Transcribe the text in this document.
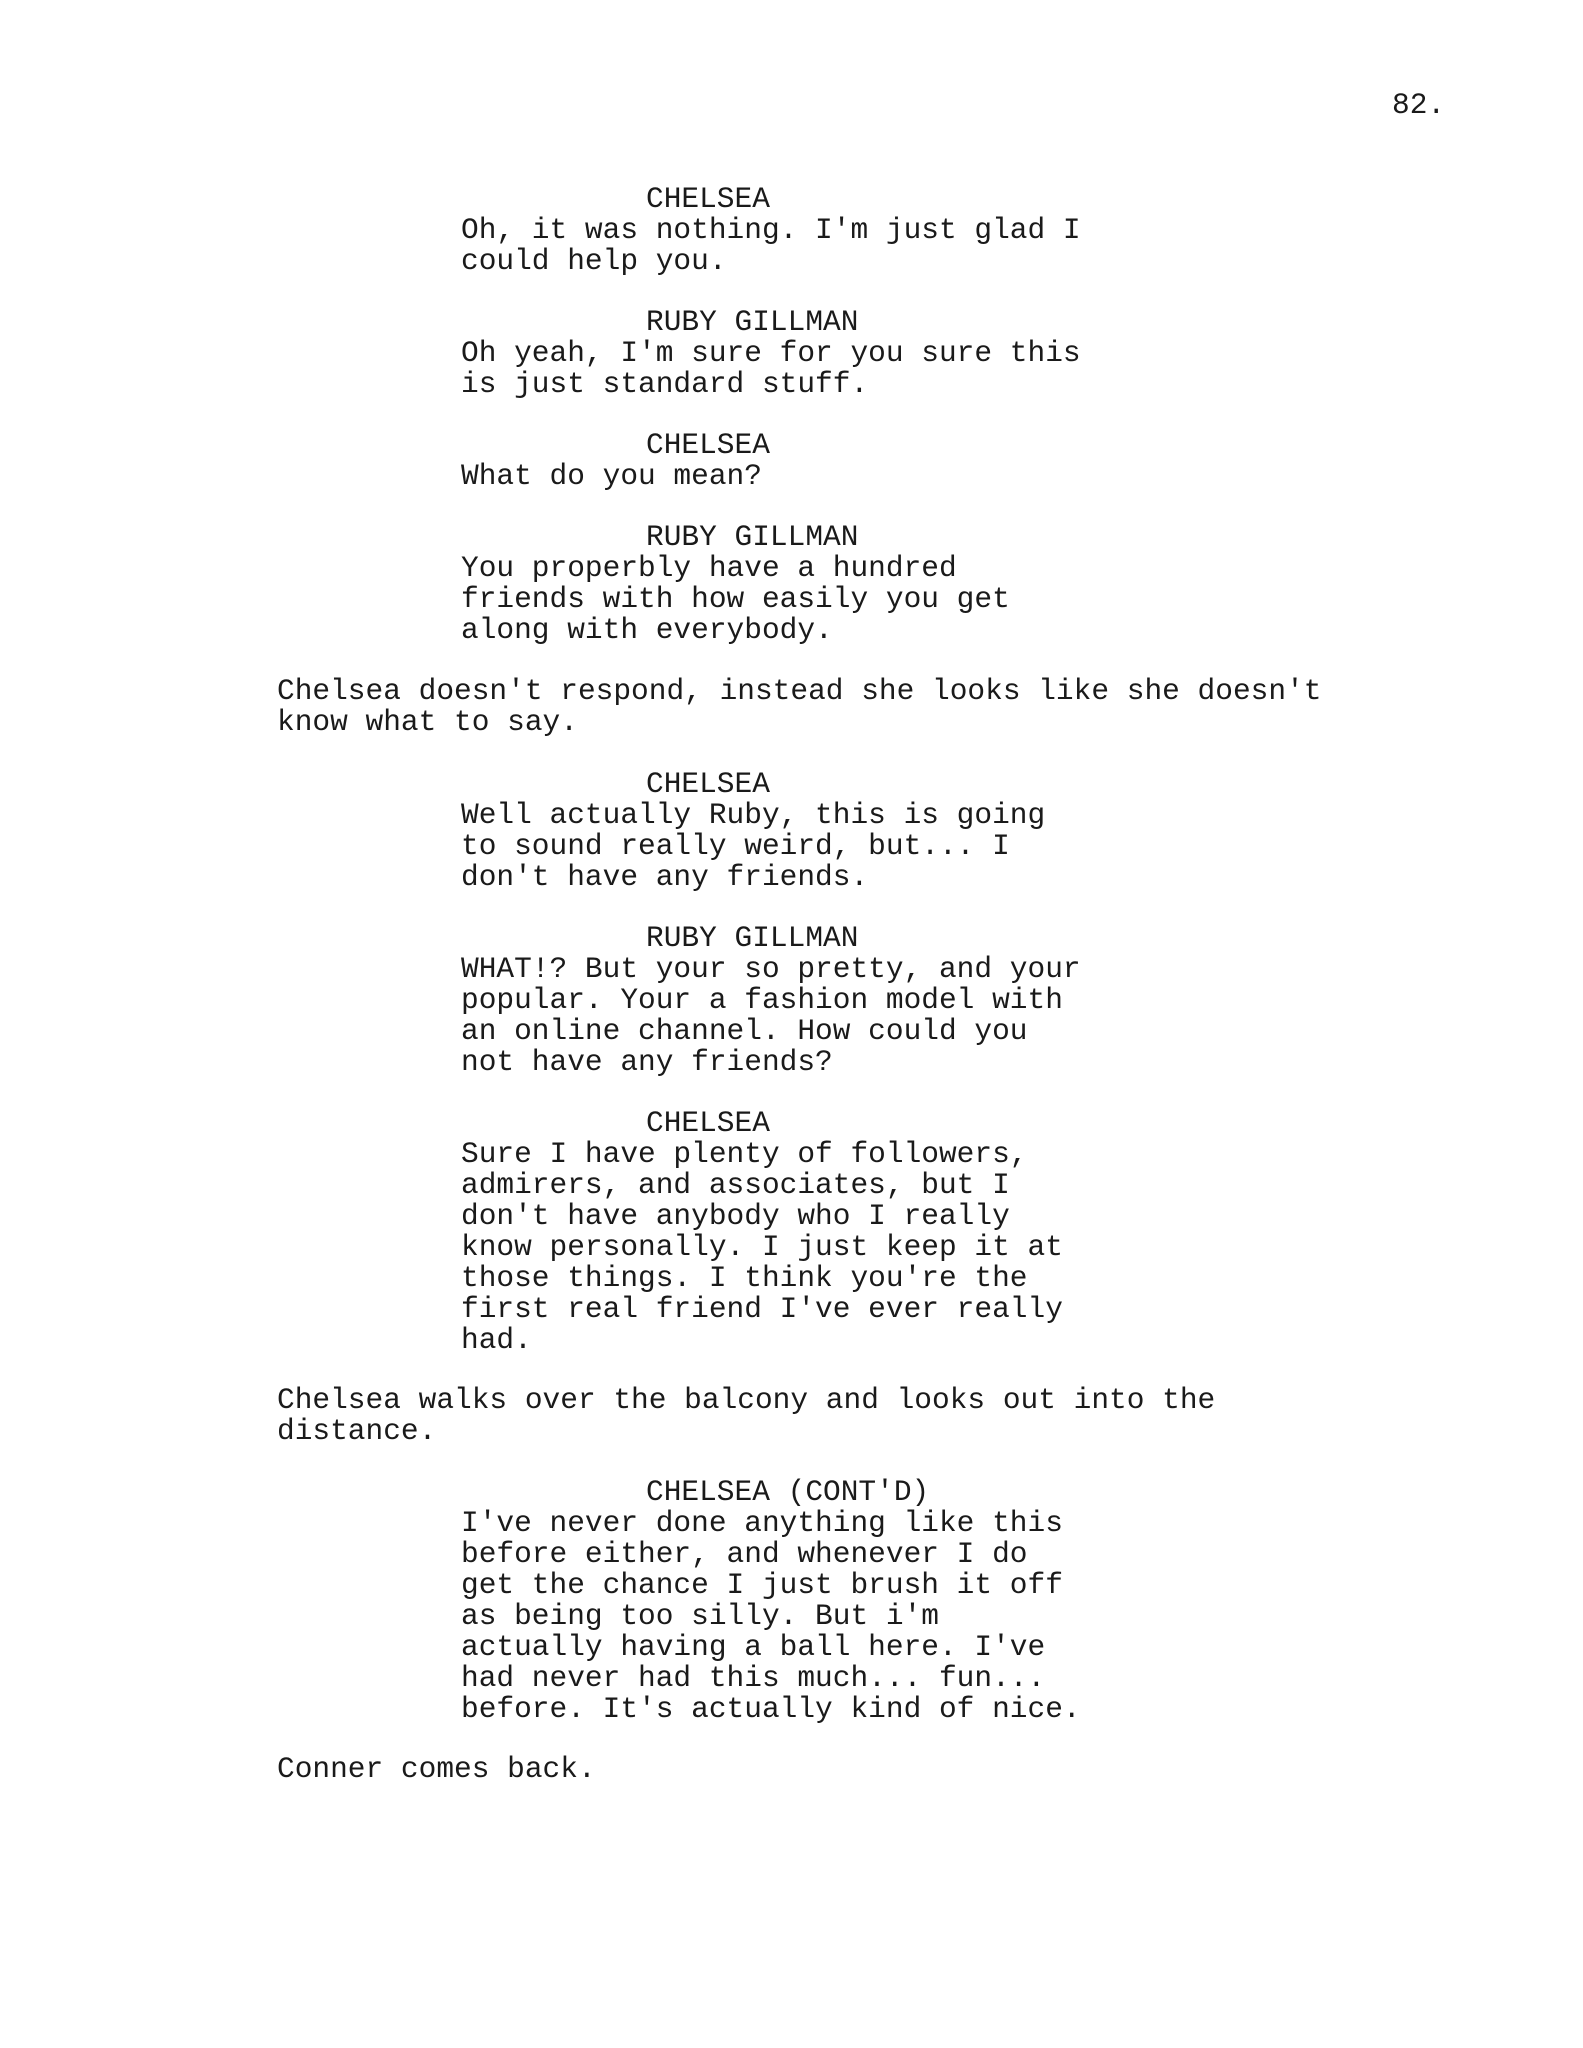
82.
CHELSEA
Oh, it was nothing. I'm just glad I
could help you.
RUBY GILLMAN
Oh yeah, I'm sure for you sure this
is just standard stuff.
CHELSEA
What do you mean?
RUBY GILLMAN
You properbly have a hundred
friends with how easily you get
along with everybody.
Chelsea doesn't respond, instead she looks like she doesn't
know what to say.
CHELSEA
Well actually Ruby, this is going
to sound really weird, but... I
don't have any friends.
RUBY GILLMAN
WHAT!? But your so pretty, and your
popular. Your a fashion model with
an online channel. How could you
not have any friends?
CHELSEA
Sure I have plenty of followers,
admirers, and associates, but I
don't have anybody who I really
know personally. I just keep it at
those things. I think you're the
first real friend I've ever really
had.
Chelsea walks over the balcony and looks out into the
distance.
CHELSEA (CONT'D)
I've never done anything like this
before either, and whenever I do
get the chance I just brush it off
as being too silly. But i'm
actually having a ball here. I've
had never had this much... fun...
before. It's actually kind of nice.
Conner comes back.
